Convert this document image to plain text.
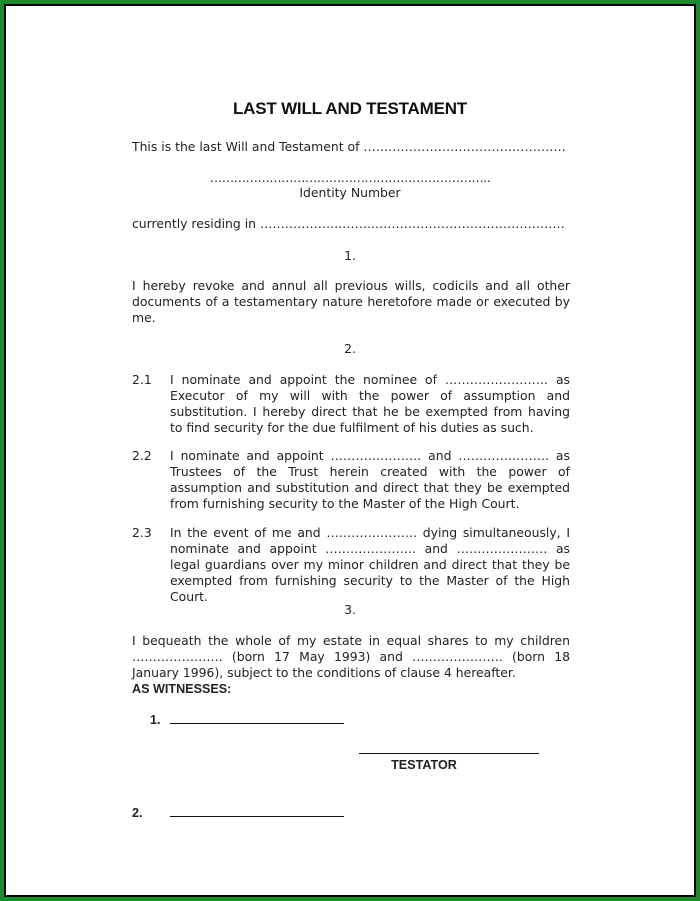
LAST WILL AND TESTAMENT
This is the last Will and Testament of ………………………………………….
……………………………………………………………..
Identity Number
currently residing in ………………..……..……………………………………….
1.
I hereby revoke and annul all previous wills, codicils and all other documents of a testamentary nature heretofore made or executed by me.
2.
2.1 I nominate and appoint the nominee of ……………………. as Executor of my will with the power of assumption and substitution. I hereby direct that he be exempted from having to find security for the due fulfilment of his duties as such.
2.2 I nominate and appoint …………………. and …………………. as Trustees of the Trust herein created with the power of assumption and substitution and direct that they be exempted from furnishing security to the Master of the High Court.
2.3 In the event of me and …………………. dying simultaneously, I nominate and appoint …………………. and …………………. as legal guardians over my minor children and direct that they be exempted from furnishing security to the Master of the High Court.
3.
I bequeath the whole of my estate in equal shares to my children …………………. (born 17 May 1993) and …………………. (born 18 January 1996), subject to the conditions of clause 4 hereafter.
AS WITNESSES:
1.
TESTATOR
2.
